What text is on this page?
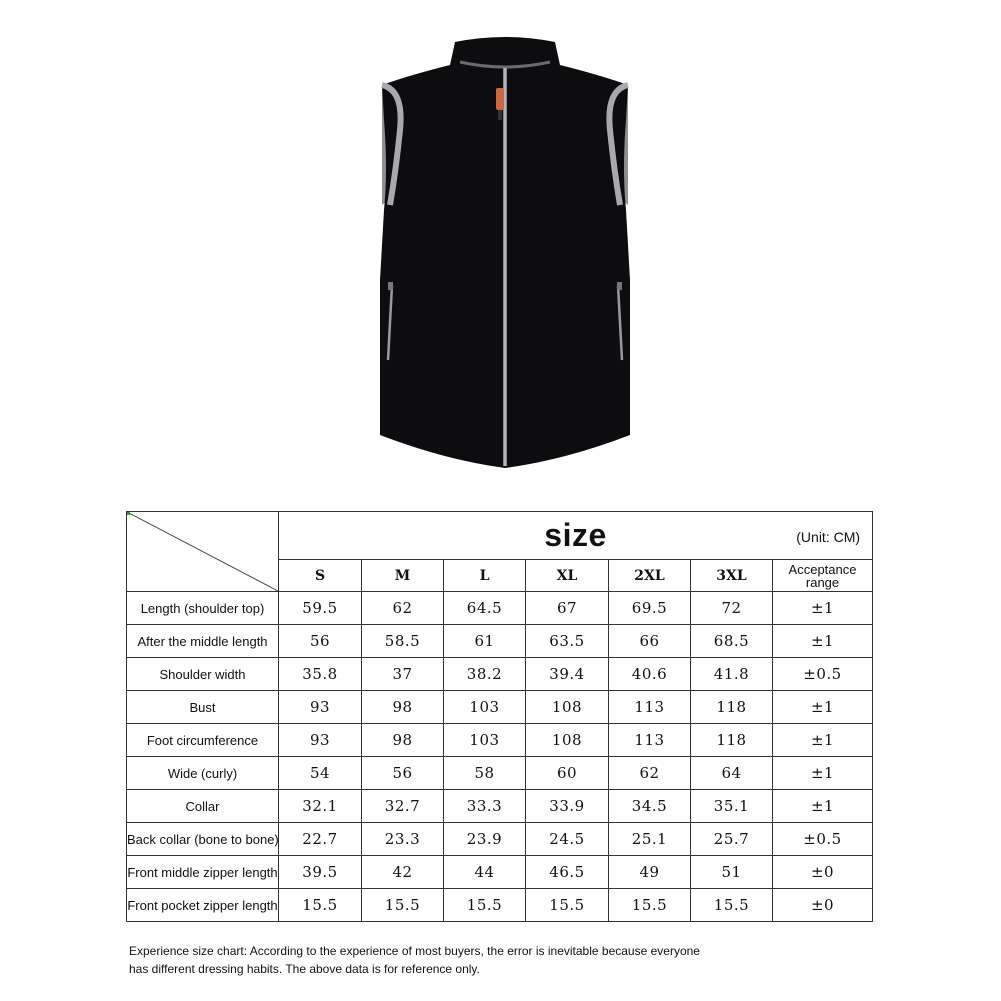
	size (Unit: CM)						

	S	M	L	XL	2XL	3XL	Acceptance range
Length (shoulder top)	59.5	62	64.5	67	69.5	72	±1
After the middle length	56	58.5	61	63.5	66	68.5	±1
Shoulder width	35.8	37	38.2	39.4	40.6	41.8	±0.5
Bust	93	98	103	108	113	118	±1
Foot circumference	93	98	103	108	113	118	±1
Wide (curly)	54	56	58	60	62	64	±1
Collar	32.1	32.7	33.3	33.9	34.5	35.1	±1
Back collar (bone to bone)	22.7	23.3	23.9	24.5	25.1	25.7	±0.5
Front middle zipper length	39.5	42	44	46.5	49	51	±0
Front pocket zipper length	15.5	15.5	15.5	15.5	15.5	15.5	±0
Experience size chart: According to the experience of most buyers, the error is inevitable because everyone
has different dressing habits. The above data is for reference only.
